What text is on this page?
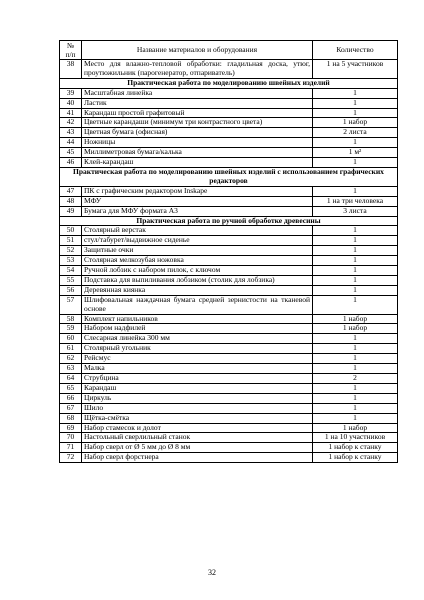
№
п/п	Название материалов и оборудования	Количество
38	Место для влажно-тепловой обработки: гладильная доска, утюг, проутюжильник (парогенератор, отпариватель)	1 на 5 участников
Практическая работа по моделированию швейных изделий		
39	Масштабная линейка	1
40	Ластик	1
41	Карандаш простой графитовый	1
42	Цветные карандаши (минимум три контрастного цвета)	1 набор
43	Цветная бумага (офисная)	2 листа
44	Ножницы	1
45	Миллиметровая бумага/калька	1 м²
46	Клей-карандаш	1
Практическая работа по моделированию швейных изделий с использованием графических редакторов		
47	ПК с графическим редактором Inskape	1
48	МФУ	1 на три человека
49	Бумага для МФУ формата А3	3 листа
Практическая работа по ручной обработке древесины		
50	Столярный верстак	1
51	стул/табурет/выдвижное сиденье	1
52	Защитные очки	1
53	Столярная мелкозубая ножовка	1
54	Ручной лобзик с набором пилок, с ключом	1
55	Подставка для выпиливания лобзиком (столик для лобзика)	1
56	Деревянная киянка	1
57	Шлифовальная наждачная бумага средней зернистости на тканевой основе	1
58	Комплект напильников	1 набор
59	Набором надфилей	1 набор
60	Слесарная линейка 300 мм	1
61	Столярный угольник	1
62	Рейсмус	1
63	Малка	1
64	Струбцина	2
65	Карандаш	1
66	Циркуль	1
67	Шило	1
68	Щётка-смётка	1
69	Набор стамесок и долот	1 набор
70	Настольный сверлильный станок	1 на 10 участников
71	Набор сверл от Ø 5 мм до Ø 8 мм	1 набор к станку
72	Набор сверл форстнера	1 набор к станку
32
